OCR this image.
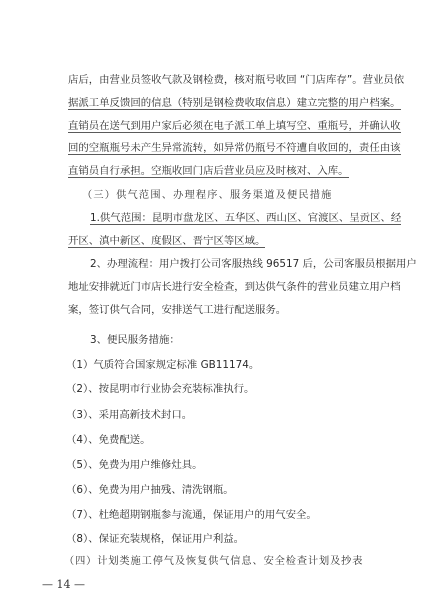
店后，由营业员签收气款及钢检费，核对瓶号收回 “门店库存”。营业员依
据派工单反馈回的信息（特别是钢检费收取信息）建立完整的用户档案。
直销员在送气到用户家后必须在电子派工单上填写空、重瓶号，并确认收
回的空瓶瓶号未产生异常流转，如异常仍瓶号不符遭自收回的，责任由该
直销员自行承担。空瓶收回门店后营业员应及时核对、入库。
（三）供气范围、办理程序、服务渠道及便民措施
1.供气范围：昆明市盘龙区、五华区、西山区、官渡区、呈贡区、经
开区、滇中新区、度假区、晋宁区等区域。
2、办理流程：用户拨打公司客服热线 96517 后，公司客服员根据用户
地址安排就近门市店长进行安全检查，到达供气条件的营业员建立用户档
案，签订供气合同，安排送气工进行配送服务。
3、便民服务措施：
（1）气质符合国家规定标准 GB11174。
（2）、按昆明市行业协会充装标准执行。
（3）、采用高新技术封口。
（4）、免费配送。
（5）、免费为用户维修灶具。
（6）、免费为用户抽残、清洗钢瓶。
（7）、杜绝超期钢瓶参与流通，保证用户的用气安全。
（8）、保证充装规格，保证用户利益。
（四）计划类施工停气及恢复供气信息、安全检查计划及抄表
— 14 —
